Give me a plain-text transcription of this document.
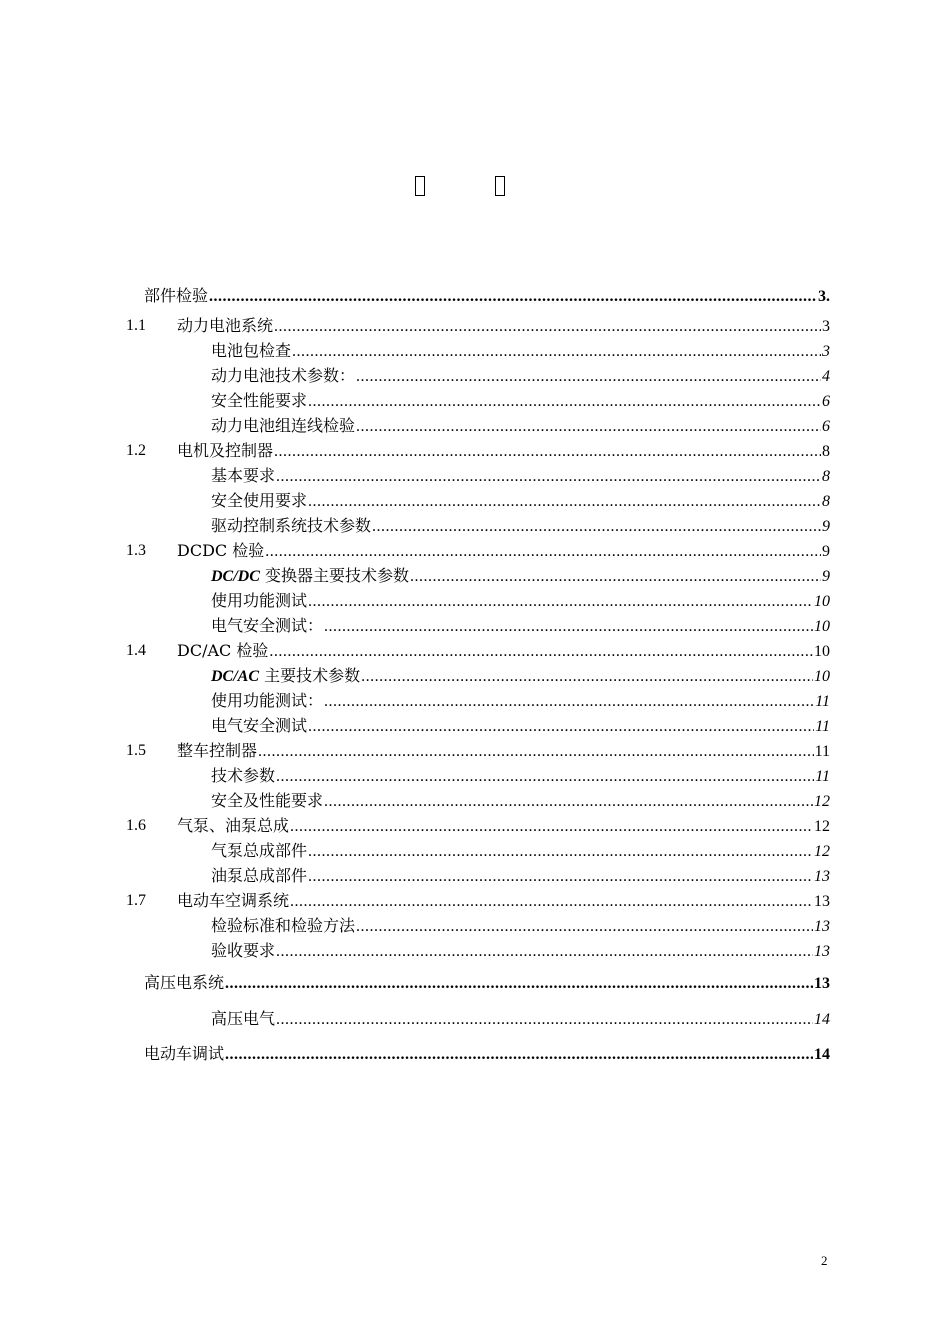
部件检验 .....	3.
1.1 动力电池系统 .....	3
电池包检查 .....	3
动力电池技术参数： .....	4
安全性能要求 .....	6
动力电池组连线检验 .....	6
1.2 电机及控制器 .....	8
基本要求 .....	8
安全使用要求 .....	8
驱动控制系统技术参数 .....	9
1.3 DCDC 检验 .....	9
DC/DC 变换器主要技术参数 .....	9
使用功能测试 .....	10
电气安全测试： .....	10
1.4 DC/AC 检验 .....	10
DC/AC 主要技术参数 .....	10
使用功能测试： .....	11
电气安全测试 .....	11
1.5 整车控制器 .....	11
技术参数 .....	11
安全及性能要求 .....	12
1.6 气泵、油泵总成 .....	12
气泵总成部件 .....	12
油泵总成部件 .....	13
1.7 电动车空调系统 .....	13
检验标准和检验方法 .....	13
验收要求 .....	13
高压电系统 .....	13
高压电气 .....	14
电动车调试 .....	14
2
